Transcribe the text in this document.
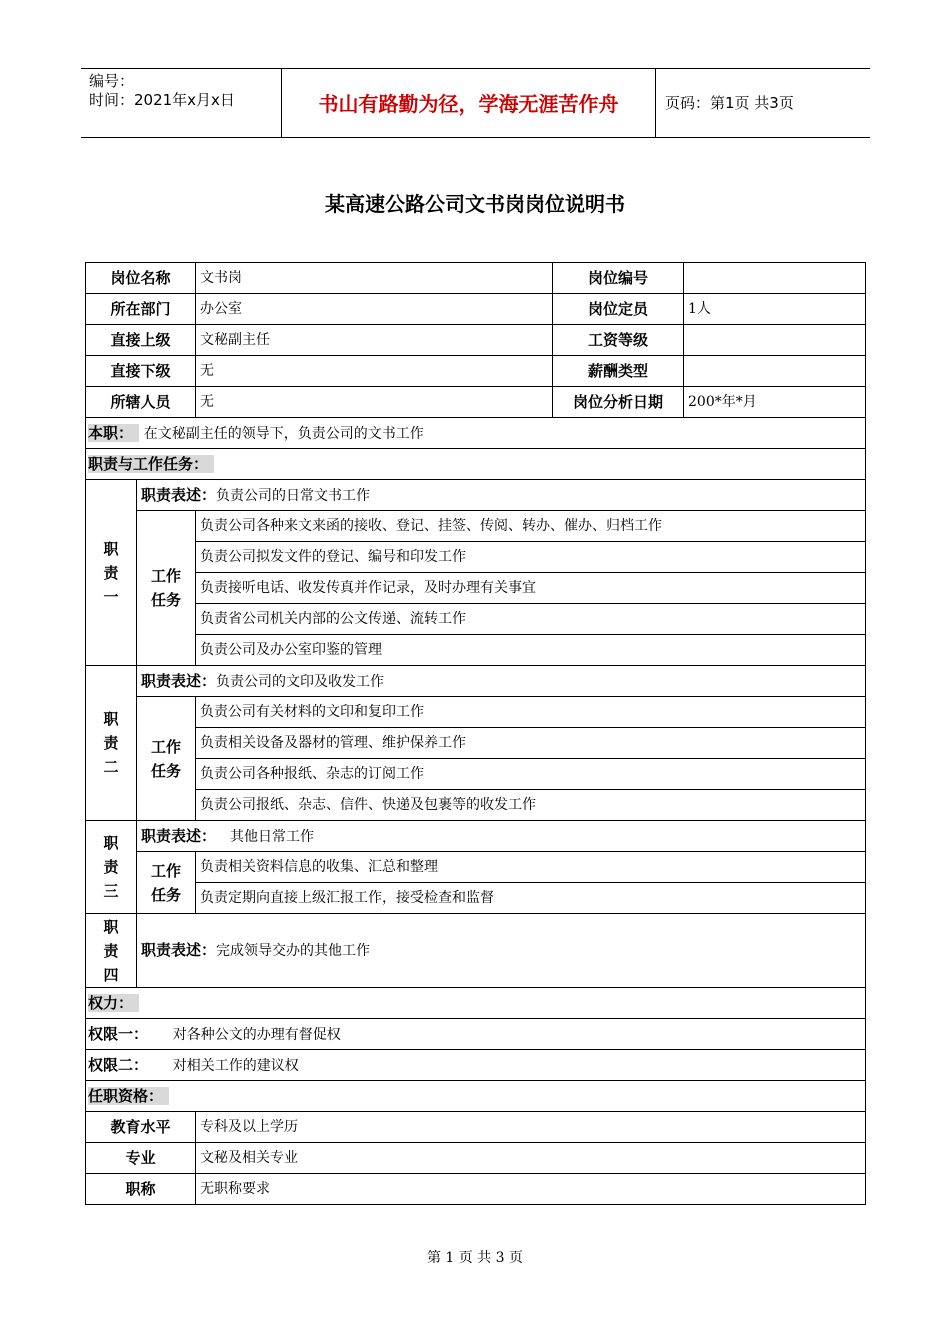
编号：
时间：2021年x月x日	书山有路勤为径，学海无涯苦作舟	页码：第1页 共3页
某高速公路公司文书岗岗位说明书
岗位名称		文书岗	岗位编号	
所在部门		办公室	岗位定员	1人
直接上级		文秘副主任	工资等级	
直接下级		无	薪酬类型	
所辖人员		无	岗位分析日期	200*年*月
本职： 在文秘副主任的领导下，负责公司的文书工作				
职责与工作任务：				

职
责
一	职责表述：负责公司的日常文书工作			

	工作
任务	负责公司各种来文来函的接收、登记、挂签、传阅、转办、催办、归档工作		
		负责公司拟发文件的登记、编号和印发工作		
		负责接听电话、收发传真并作记录，及时办理有关事宜		
		负责省公司机关内部的公文传递、流转工作		
		负责公司及办公室印鉴的管理		

职
责
二	职责表述：负责公司的文印及收发工作			

	工作
任务	负责公司有关材料的文印和复印工作		
		负责相关设备及器材的管理、维护保养工作		
		负责公司各种报纸、杂志的订阅工作		
		负责公司报纸、杂志、信件、快递及包裹等的收发工作		

职
责
三	职责表述： 其他日常工作			

	工作
任务	负责相关资料信息的收集、汇总和整理		
		负责定期向直接上级汇报工作，接受检查和监督		

职
责
四	职责表述：完成领导交办的其他工作			
权力：				
权限一： 对各种公文的办理有督促权				
权限二： 对相关工作的建议权				
任职资格：				
教育水平		专科及以上学历		
专业		文秘及相关专业		
职称		无职称要求		
第 1 页 共 3 页
